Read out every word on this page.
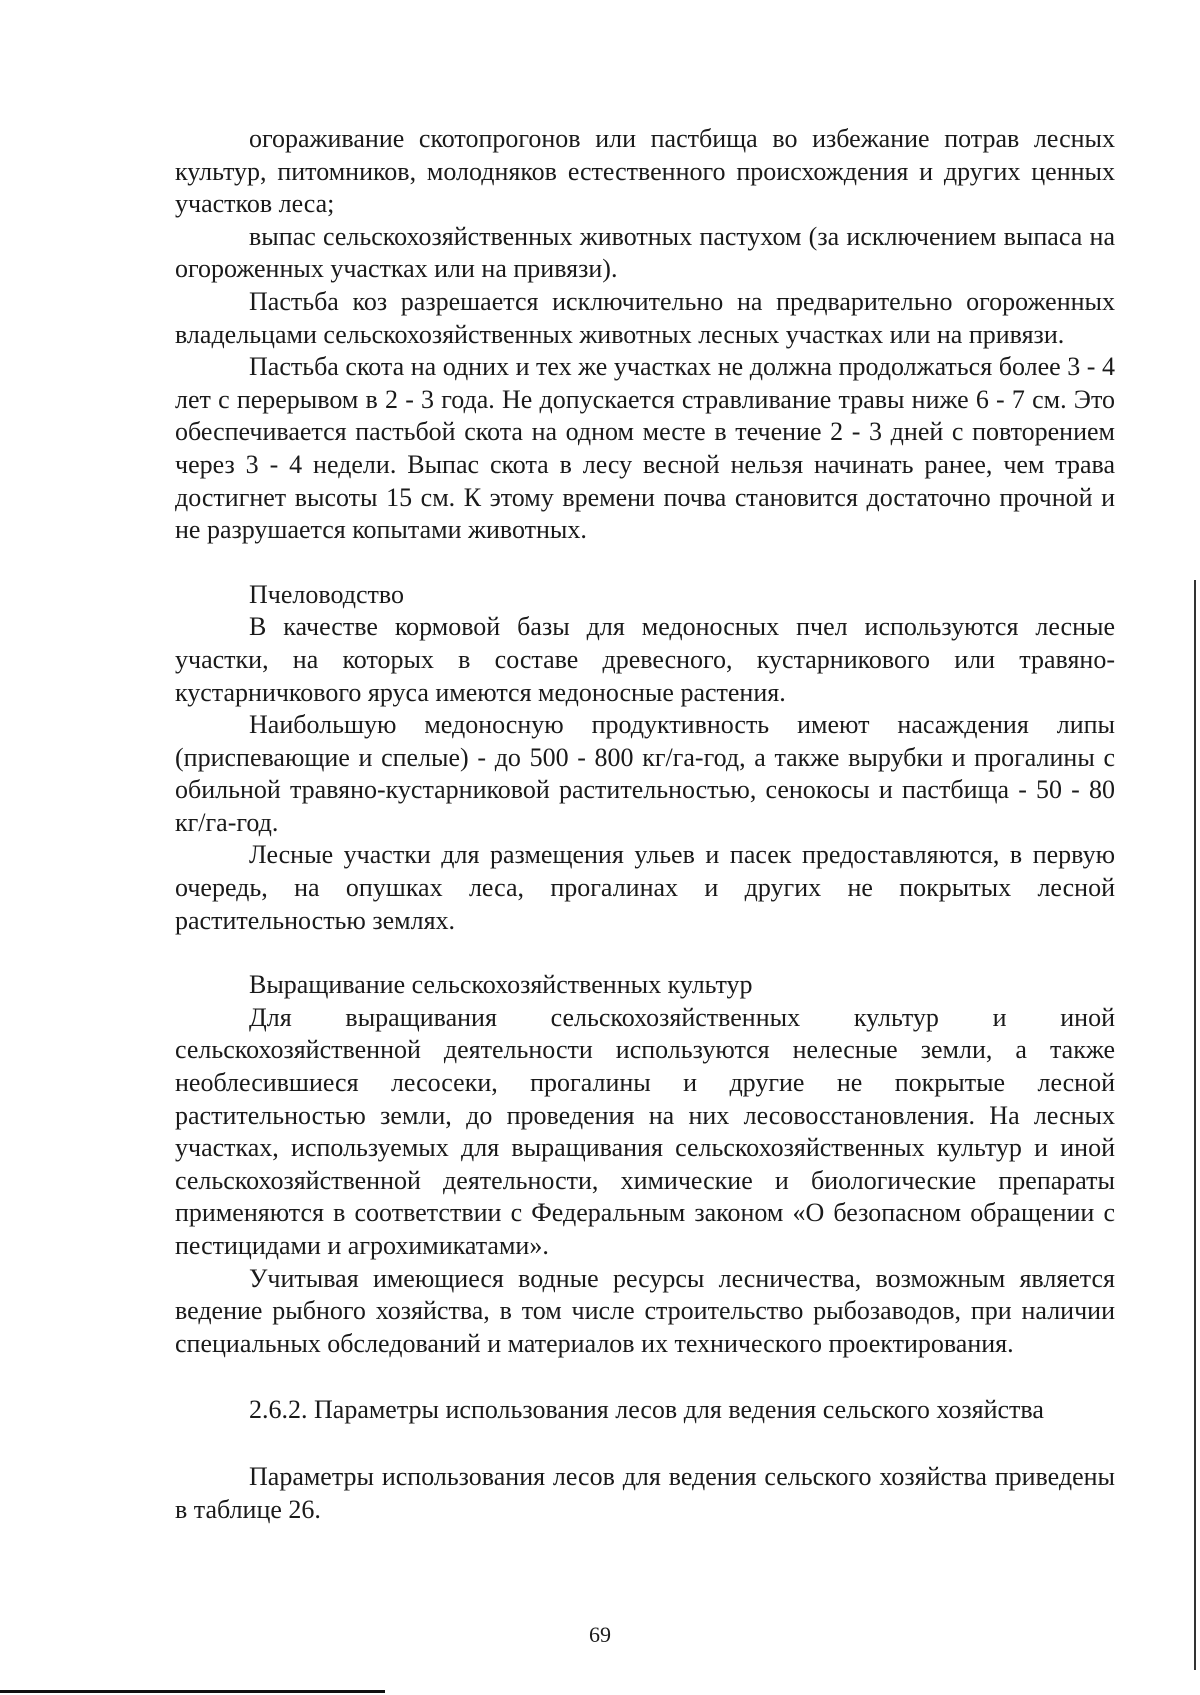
огораживание скотопрогонов или пастбища во избежание потрав лесных культур, питомников, молодняков естественного происхождения и других ценных участков леса;

выпас сельскохозяйственных животных пастухом (за исключением выпаса на огороженных участках или на привязи).

Пастьба коз разрешается исключительно на предварительно огороженных владельцами сельскохозяйственных животных лесных участках или на привязи.

Пастьба скота на одних и тех же участках не должна продолжаться более 3 - 4 лет с перерывом в 2 - 3 года. Не допускается стравливание травы ниже 6 - 7 см. Это обеспечивается пастьбой скота на одном месте в течение 2 - 3 дней с повторением через 3 - 4 недели. Выпас скота в лесу весной нельзя начинать ранее, чем трава достигнет высоты 15 см. К этому времени почва становится достаточно прочной и не разрушается копытами животных.

Пчеловодство

В качестве кормовой базы для медоносных пчел используются лесные участки, на которых в составе древесного, кустарникового или травяно-кустарничкового яруса имеются медоносные растения.

Наибольшую медоносную продуктивность имеют насаждения липы (приспевающие и спелые) - до 500 - 800 кг/га-год, а также вырубки и прогалины с обильной травяно-кустарниковой растительностью, сенокосы и пастбища - 50 - 80 кг/га-год.

Лесные участки для размещения ульев и пасек предоставляются, в первую очередь, на опушках леса, прогалинах и других не покрытых лесной растительностью землях.

Выращивание сельскохозяйственных культур

Для выращивания сельскохозяйственных культур и иной сельскохозяйственной деятельности используются нелесные земли, а также необлесившиеся лесосеки, прогалины и другие не покрытые лесной растительностью земли, до проведения на них лесовосстановления. На лесных участках, используемых для выращивания сельскохозяйственных культур и иной сельскохозяйственной деятельности, химические и биологические препараты применяются в соответствии с Федеральным законом «О безопасном обращении с пестицидами и агрохимикатами».

Учитывая имеющиеся водные ресурсы лесничества, возможным является ведение рыбного хозяйства, в том числе строительство рыбозаводов, при наличии специальных обследований и материалов их технического проектирования.

2.6.2. Параметры использования лесов для ведения сельского хозяйства

Параметры использования лесов для ведения сельского хозяйства приведены в таблице 26.

69
